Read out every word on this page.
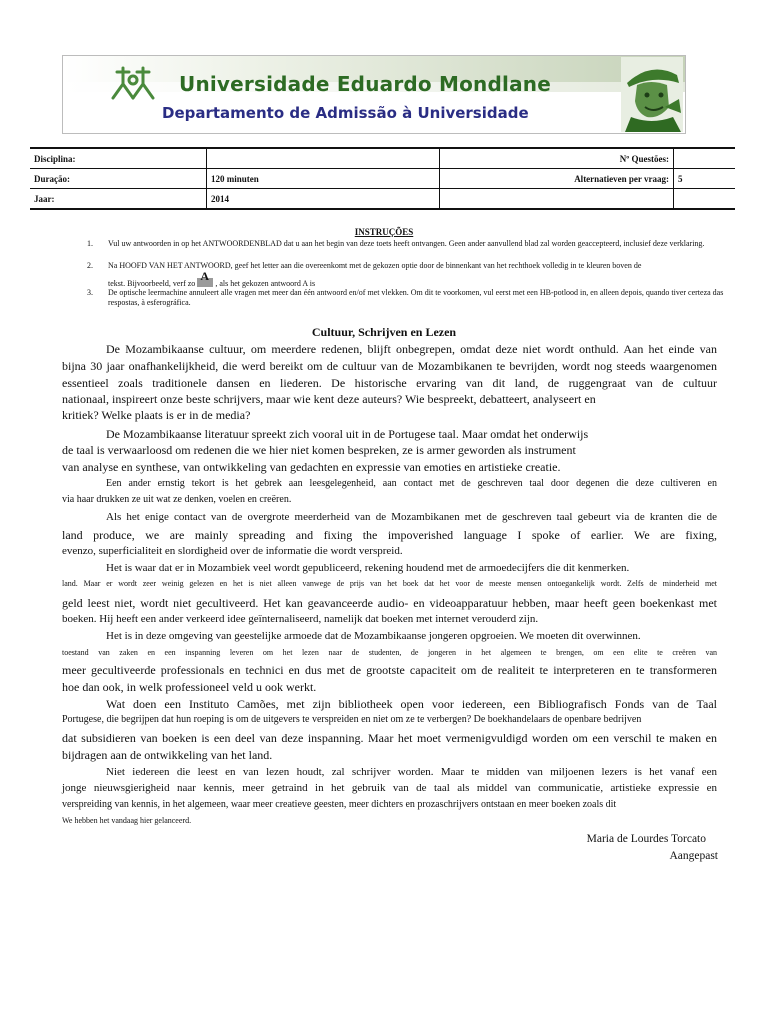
Universidade Eduardo Mondlane
Departamento de Admissão à Universidade
Disciplina:		Nº Questões:	
Duração:	120 minuten	Alternatieven per vraag:	5
Jaar:	2014		
INSTRUÇÕES
1. Vul uw antwoorden in op het ANTWOORDENBLAD dat u aan het begin van deze toets heeft ontvangen. Geen ander aanvullend blad zal worden geaccepteerd, inclusief deze verklaring.
2. Na HOOFD VAN HET ANTWOORD, geef het letter aan die overeenkomt met de gekozen optie door de binnenkant van het rechthoek volledig in te kleuren boven de
tekst. Bijvoorbeeld, verf zo
A
, als het gekozen antwoord A is
3. De optische leermachine annuleert alle vragen met meer dan één antwoord en/of met vlekken. Om dit te voorkomen, vul eerst met een HB-potlood in, en alleen depois, quando tiver certeza das respostas, à esferográfica.
Cultuur, Schrijven en Lezen
De Mozambikaanse cultuur, om meerdere redenen, blijft onbegrepen, omdat deze niet wordt onthuld. Aan het einde van
bijna 30 jaar onafhankelijkheid, die werd bereikt om de cultuur van de Mozambikanen te bevrijden, wordt nog steeds waargenomen
essentieel zoals traditionele dansen en liederen. De historische ervaring van dit land, de ruggengraat van de cultuur
nationaal, inspireert onze beste schrijvers, maar wie kent deze auteurs? Wie bespreekt, debatteert, analyseert en
kritiek? Welke plaats is er in de media?
De Mozambikaanse literatuur spreekt zich vooral uit in de Portugese taal. Maar omdat het onderwijs
de taal is verwaarloosd om redenen die we hier niet komen bespreken, ze is armer geworden als instrument
van analyse en synthese, van ontwikkeling van gedachten en expressie van emoties en artistieke creatie.
Een ander ernstig tekort is het gebrek aan leesgelegenheid, aan contact met de geschreven taal door degenen die deze cultiveren en
via haar drukken ze uit wat ze denken, voelen en creëren.
Als het enige contact van de overgrote meerderheid van de Mozambikanen met de geschreven taal gebeurt via de kranten die de
land produce, we are mainly spreading and fixing the impoverished language I spoke of earlier. We are fixing,
evenzo, superficialiteit en slordigheid over de informatie die wordt verspreid.
Het is waar dat er in Mozambiek veel wordt gepubliceerd, rekening houdend met de armoedecijfers die dit kenmerken.
land. Maar er wordt zeer weinig gelezen en het is niet alleen vanwege de prijs van het boek dat het voor de meeste mensen ontoegankelijk wordt. Zelfs de minderheid met
geld leest niet, wordt niet gecultiveerd. Het kan geavanceerde audio- en videoapparatuur hebben, maar heeft geen boekenkast met
boeken. Hij heeft een ander verkeerd idee geïnternaliseerd, namelijk dat boeken met internet verouderd zijn.
Het is in deze omgeving van geestelijke armoede dat de Mozambikaanse jongeren opgroeien. We moeten dit overwinnen.
toestand van zaken en een inspanning leveren om het lezen naar de studenten, de jongeren in het algemeen te brengen, om een elite te creëren van
meer gecultiveerde professionals en technici en dus met de grootste capaciteit om de realiteit te interpreteren en te transformeren
hoe dan ook, in welk professioneel veld u ook werkt.
Wat doen een Instituto Camões, met zijn bibliotheek open voor iedereen, een Bibliografisch Fonds van de Taal
Portugese, die begrijpen dat hun roeping is om de uitgevers te verspreiden en niet om ze te verbergen? De boekhandelaars de openbare bedrijven
dat subsidieren van boeken is een deel van deze inspanning. Maar het moet vermenigvuldigd worden om een verschil te maken en
bijdragen aan de ontwikkeling van het land.
Niet iedereen die leest en van lezen houdt, zal schrijver worden. Maar te midden van miljoenen lezers is het vanaf een
jonge nieuwsgierigheid naar kennis, meer getraind in het gebruik van de taal als middel van communicatie, artistieke expressie en
verspreiding van kennis, in het algemeen, waar meer creatieve geesten, meer dichters en prozaschrijvers ontstaan en meer boeken zoals dit
We hebben het vandaag hier gelanceerd.
Maria de Lourdes Torcato
Aangepast
